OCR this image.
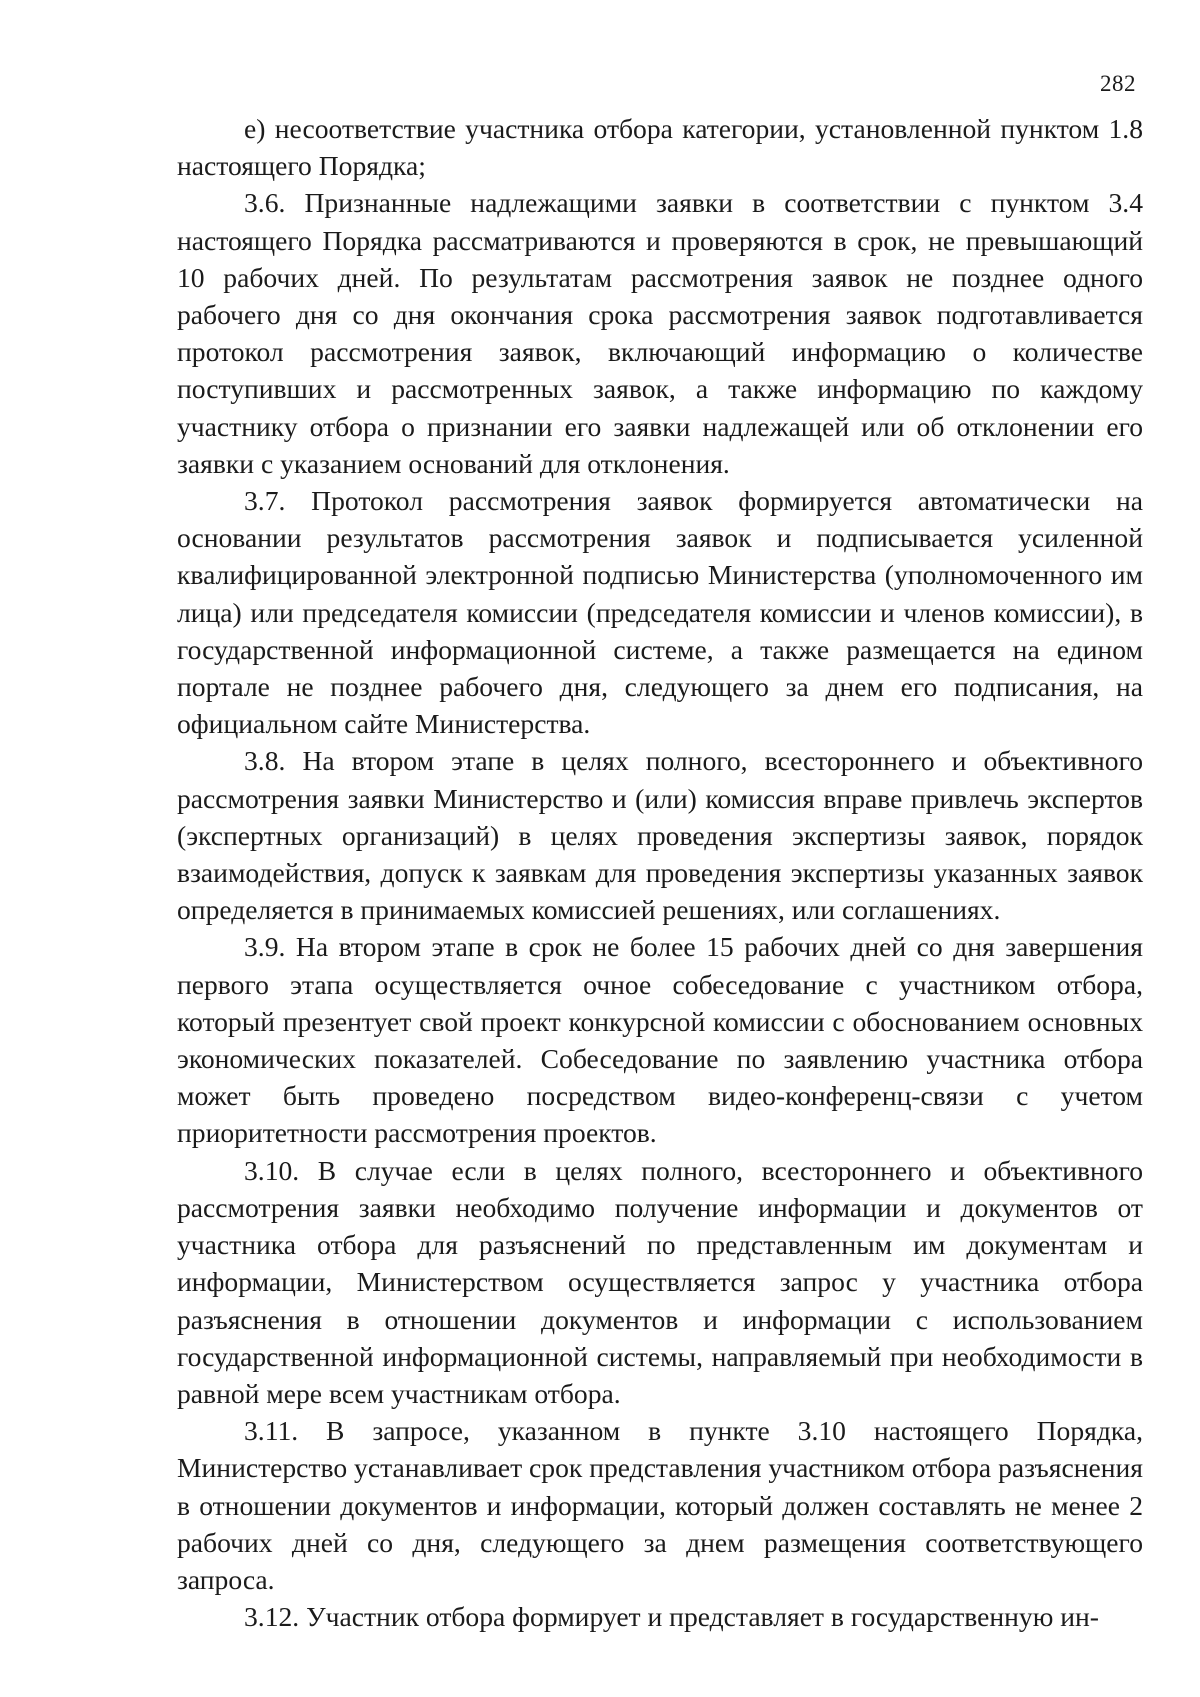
282

е) несоответствие участника отбора категории, установленной пунктом 1.8 настоящего Порядка;

3.6. Признанные надлежащими заявки в соответствии с пунктом 3.4 настоящего Порядка рассматриваются и проверяются в срок, не превышающий 10 рабочих дней. По результатам рассмотрения заявок не позднее одного рабочего дня со дня окончания срока рассмотрения заявок подготавливается протокол рассмотрения заявок, включающий информацию о количестве поступивших и рассмотренных заявок, а также информацию по каждому участнику отбора о признании его заявки надлежащей или об отклонении его заявки с указанием оснований для отклонения.

3.7. Протокол рассмотрения заявок формируется автоматически на основании результатов рассмотрения заявок и подписывается усиленной квалифицированной электронной подписью Министерства (уполномоченного им лица) или председателя комиссии (председателя комиссии и членов комиссии), в государственной информационной системе, а также размещается на едином портале не позднее рабочего дня, следующего за днем его подписания, на официальном сайте Министерства.

3.8. На втором этапе в целях полного, всестороннего и объективного рассмотрения заявки Министерство и (или) комиссия вправе привлечь экспертов (экспертных организаций) в целях проведения экспертизы заявок, порядок взаимодействия, допуск к заявкам для проведения экспертизы указанных заявок определяется в принимаемых комиссией решениях, или соглашениях.

3.9. На втором этапе в срок не более 15 рабочих дней со дня завершения первого этапа осуществляется очное собеседование с участником отбора, который презентует свой проект конкурсной комиссии с обоснованием основных экономических показателей. Собеседование по заявлению участника отбора может быть проведено посредством видео-конференц-связи с учетом приоритетности рассмотрения проектов.

3.10. В случае если в целях полного, всестороннего и объективного рассмотрения заявки необходимо получение информации и документов от участника отбора для разъяснений по представленным им документам и информации, Министерством осуществляется запрос у участника отбора разъяснения в отношении документов и информации с использованием государственной информационной системы, направляемый при необходимости в равной мере всем участникам отбора.

3.11. В запросе, указанном в пункте 3.10 настоящего Порядка, Министерство устанавливает срок представления участником отбора разъяснения в отношении документов и информации, который должен составлять не менее 2 рабочих дней со дня, следующего за днем размещения соответствующего запроса.

3.12. Участник отбора формирует и представляет в государственную ин-
